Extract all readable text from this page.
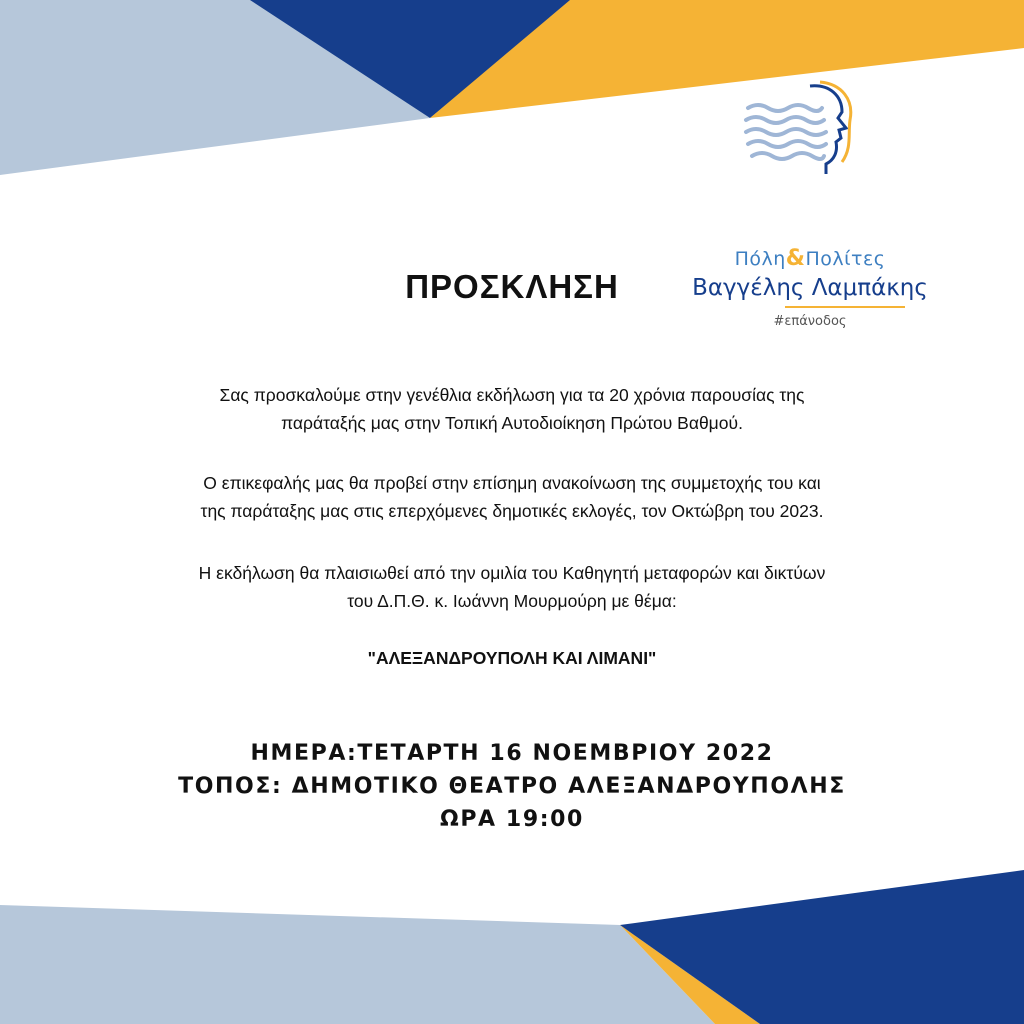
Πόλη&Πολίτες
Βαγγέλης Λαμπάκης
#επάνοδος
ΠΡΟΣΚΛΗΣΗ

Σας προσκαλούμε στην γενέθλια εκδήλωση για τα 20 χρόνια παρουσίας της
παράταξής μας στην Τοπική Αυτοδιοίκηση Πρώτου Βαθμού.

Ο επικεφαλής μας θα προβεί στην επίσημη ανακοίνωση της συμμετοχής του και
της παράταξης μας στις επερχόμενες δημοτικές εκλογές, τον Οκτώβρη του 2023.

Η εκδήλωση θα πλαισιωθεί από την ομιλία του Καθηγητή μεταφορών και δικτύων
του Δ.Π.Θ. κ. Ιωάννη Μουρμούρη με θέμα:

"ΑΛΕΞΑΝΔΡΟΥΠΟΛΗ ΚΑΙ ΛΙΜΑΝΙ"

ΗΜΕΡΑ:ΤΕΤΑΡΤΗ 16 ΝΟΕΜΒΡΙΟΥ 2022
ΤΟΠΟΣ: ΔΗΜΟΤΙΚΟ ΘΕΑΤΡΟ ΑΛΕΞΑΝΔΡΟΥΠΟΛΗΣ
ΩΡΑ 19:00
